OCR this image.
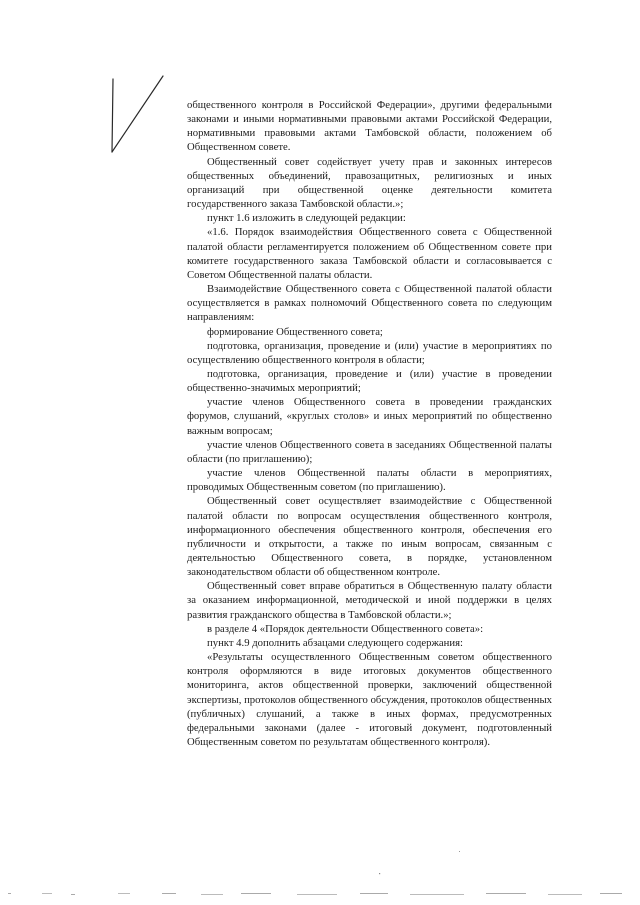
общественного контроля в Российской Федерации», другими федеральными законами и иными нормативными правовыми актами Российской Федерации, нормативными правовыми актами Тамбовской области, положением об Общественном совете.

Общественный совет содействует учету прав и законных интересов общественных объединений, правозащитных, религиозных и иных организаций при общественной оценке деятельности комитета государственного заказа Тамбовской области.»;

пункт 1.6 изложить в следующей редакции:

«1.6. Порядок взаимодействия Общественного совета с Общественной палатой области регламентируется положением об Общественном совете при комитете государственного заказа Тамбовской области и согласовывается с Советом Общественной палаты области.

Взаимодействие Общественного совета с Общественной палатой области осуществляется в рамках полномочий Общественного совета по следующим направлениям:

формирование Общественного совета;

подготовка, организация, проведение и (или) участие в мероприятиях по осуществлению общественного контроля в области;

подготовка, организация, проведение и (или) участие в проведении общественно-значимых мероприятий;

участие членов Общественного совета в проведении гражданских форумов, слушаний, «круглых столов» и иных мероприятий по общественно важным вопросам;

участие членов Общественного совета в заседаниях Общественной палаты области (по приглашению);

участие членов Общественной палаты области в мероприятиях, проводимых Общественным советом (по приглашению).

Общественный совет осуществляет взаимодействие с Общественной палатой области по вопросам осуществления общественного контроля, информационного обеспечения общественного контроля, обеспечения его публичности и открытости, а также по иным вопросам, связанным с деятельностью Общественного совета, в порядке, установленном законодательством области об общественном контроле.

Общественный совет вправе обратиться в Общественную палату области за оказанием информационной, методической и иной поддержки в целях развития гражданского общества в Тамбовской области.»;

в разделе 4 «Порядок деятельности Общественного совета»:

пункт 4.9 дополнить абзацами следующего содержания:

«Результаты осуществленного Общественным советом общественного контроля оформляются в виде итоговых документов общественного мониторинга, актов общественной проверки, заключений общественной экспертизы, протоколов общественного обсуждения, протоколов общественных (публичных) слушаний, а также в иных формах, предусмотренных федеральными законами (далее - итоговый документ, подготовленный Общественным советом по результатам общественного контроля).
